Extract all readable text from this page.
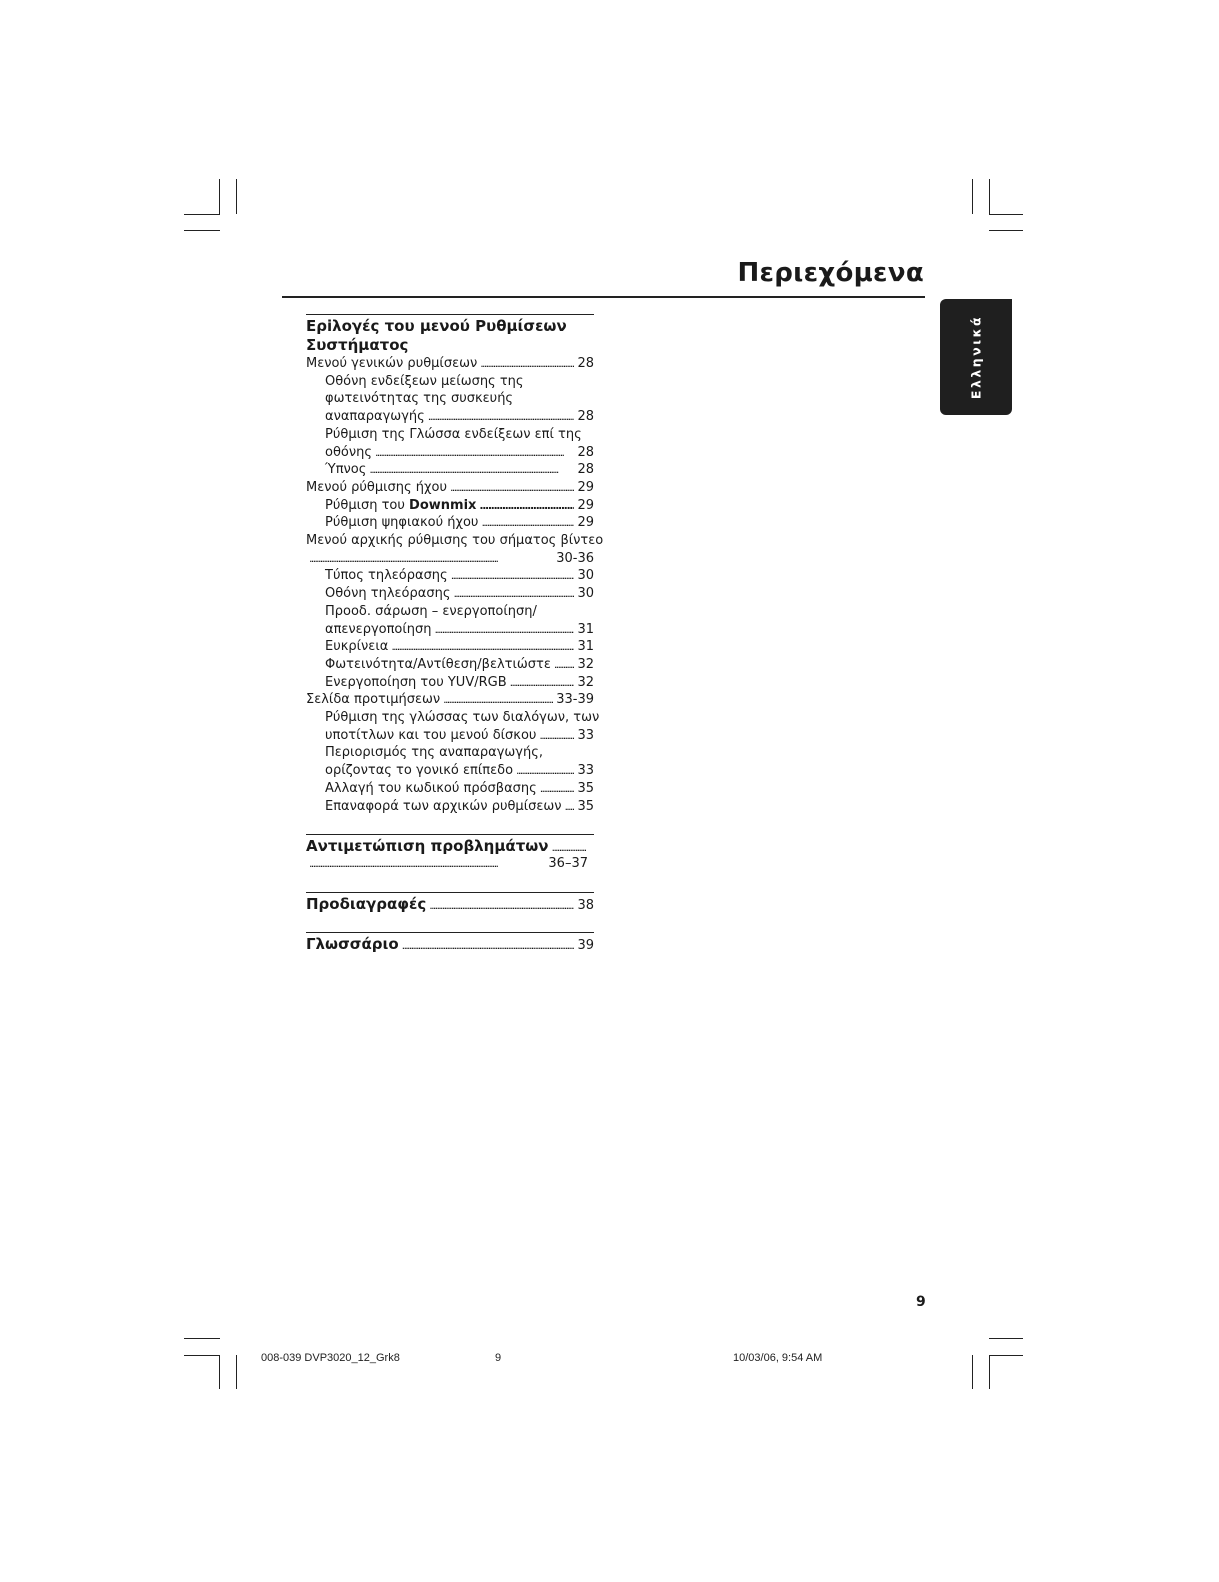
Περιεχόμενα
Ελληνικά
Ερiλογές του μενού Ρυθμίσεων
Συστήματος
Μενού γενικών ρυθμίσεων . . .	28
Οθόνη ενδείξεων μείωσης της
φωτεινότητας της συσκευής
αναπαραγωγής . . .	28
Ρύθμιση της Γλώσσα ενδείξεων επί της
οθόνης . . .	28
Ύπνος . . .	28
Μενού ρύθμισης ήχου . . .	29
Ρύθμιση του Downmix . . .	29
Ρύθμιση ψηφιακού ήχου . . .	29
Μενού αρχικής ρύθμισης του σήματος βίντεο
. . .
30-36
Τύπος τηλεόρασης . . .	30
Οθόνη τηλεόρασης . . .	30
Προοδ. σάρωση – ενεργοποίηση/
απενεργοποίηση . . .	31
Ευκρίνεια . . .	31
Φωτεινότητα/Αντίθεση/βελτιώστε . . . 32
Ενεργοποίηση του YUV/RGB . . .	32
Σελίδα προτιμήσεων . . .	33-39
Ρύθμιση της γλώσσας των διαλόγων, των
υποτίτλων και του μενού δίσκου . . .	33
Περιορισμός της αναπαραγωγής,
ορίζοντας το γονικό επίπεδο . . .	33
Αλλαγή του κωδικού πρόσβασης . . .	35
Επαναφορά των αρχικών ρυθμίσεων . . . 35
Αντιμετώπιση προβλημάτων
. . .
. . .
36–37
Προδιαγραφές . . .	38
Γλωσσάριο . . .	39
9
008-039 DVP3020_12_Grk8	9	10/03/06, 9:54 AM
